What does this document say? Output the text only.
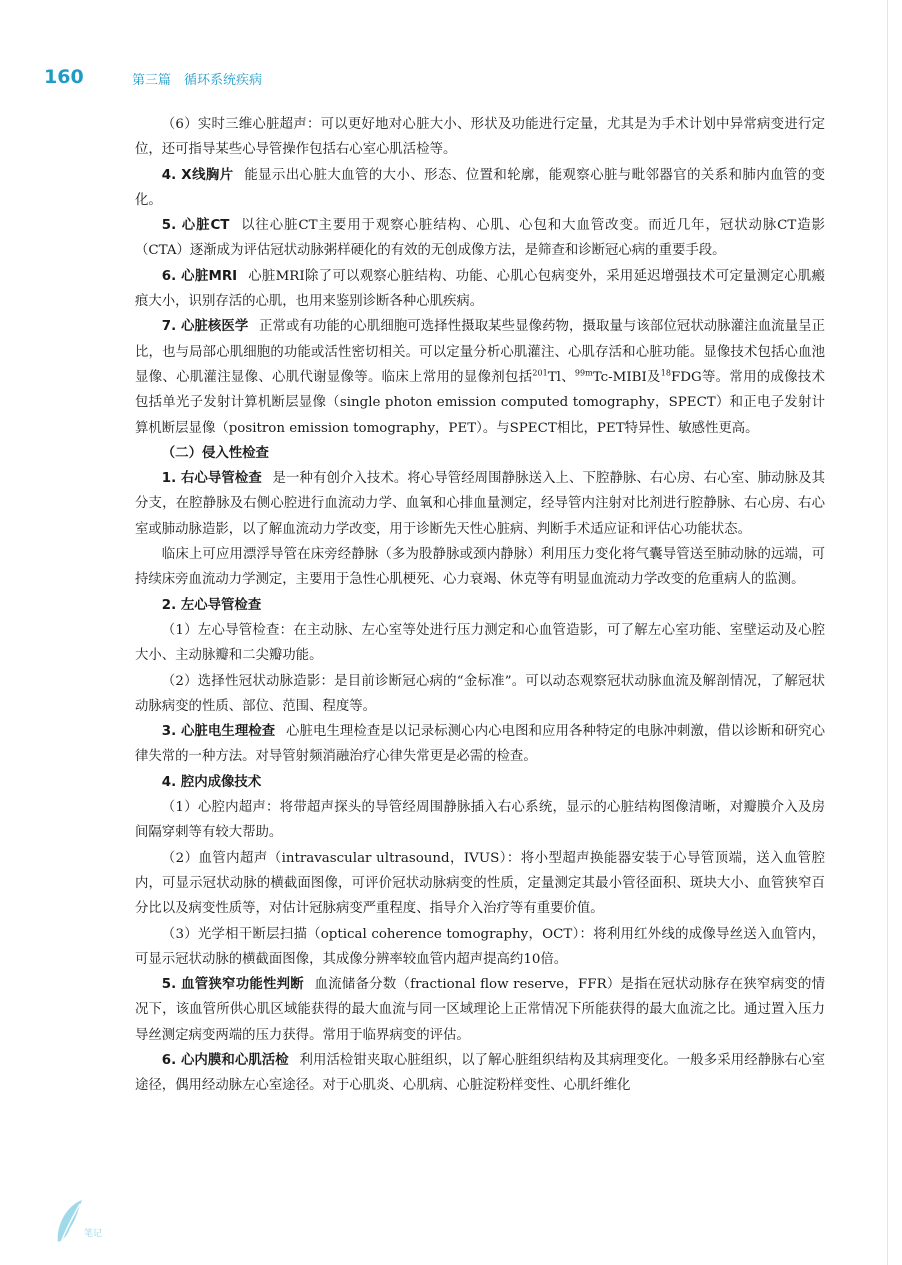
160	第三篇　循环系统疾病

（6）实时三维心脏超声：可以更好地对心脏大小、形状及功能进行定量，尤其是为手术计划中异常病变进行定位，还可指导某些心导管操作包括右心室心肌活检等。

4. X线胸片 能显示出心脏大血管的大小、形态、位置和轮廓，能观察心脏与毗邻器官的关系和肺内血管的变化。

5. 心脏CT 以往心脏CT主要用于观察心脏结构、心肌、心包和大血管改变。而近几年，冠状动脉CT造影（CTA）逐渐成为评估冠状动脉粥样硬化的有效的无创成像方法，是筛查和诊断冠心病的重要手段。

6. 心脏MRI 心脏MRI除了可以观察心脏结构、功能、心肌心包病变外，采用延迟增强技术可定量测定心肌瘢痕大小，识别存活的心肌，也用来鉴别诊断各种心肌疾病。

7. 心脏核医学 正常或有功能的心肌细胞可选择性摄取某些显像药物，摄取量与该部位冠状动脉灌注血流量呈正比，也与局部心肌细胞的功能或活性密切相关。可以定量分析心肌灌注、心肌存活和心脏功能。显像技术包括心血池显像、心肌灌注显像、心肌代谢显像等。临床上常用的显像剂包括$^{201}$Tl、$^{99m}$Tc-MIBI及$^{18}$FDG等。常用的成像技术包括单光子发射计算机断层显像（single photon emission computed tomography，SPECT）和正电子发射计算机断层显像（positron emission tomography，PET）。与SPECT相比，PET特异性、敏感性更高。

（二）侵入性检查

1. 右心导管检查 是一种有创介入技术。将心导管经周围静脉送入上、下腔静脉、右心房、右心室、肺动脉及其分支，在腔静脉及右侧心腔进行血流动力学、血氧和心排血量测定，经导管内注射对比剂进行腔静脉、右心房、右心室或肺动脉造影，以了解血流动力学改变，用于诊断先天性心脏病、判断手术适应证和评估心功能状态。

临床上可应用漂浮导管在床旁经静脉（多为股静脉或颈内静脉）利用压力变化将气囊导管送至肺动脉的远端，可持续床旁血流动力学测定，主要用于急性心肌梗死、心力衰竭、休克等有明显血流动力学改变的危重病人的监测。

2. 左心导管检查

（1）左心导管检查：在主动脉、左心室等处进行压力测定和心血管造影，可了解左心室功能、室壁运动及心腔大小、主动脉瓣和二尖瓣功能。

（2）选择性冠状动脉造影：是目前诊断冠心病的“金标准”。可以动态观察冠状动脉血流及解剖情况，了解冠状动脉病变的性质、部位、范围、程度等。

3. 心脏电生理检查 心脏电生理检查是以记录标测心内心电图和应用各种特定的电脉冲刺激，借以诊断和研究心律失常的一种方法。对导管射频消融治疗心律失常更是必需的检查。

4. 腔内成像技术

（1）心腔内超声：将带超声探头的导管经周围静脉插入右心系统，显示的心脏结构图像清晰，对瓣膜介入及房间隔穿刺等有较大帮助。

（2）血管内超声（intravascular ultrasound，IVUS）：将小型超声换能器安装于心导管顶端，送入血管腔内，可显示冠状动脉的横截面图像，可评价冠状动脉病变的性质，定量测定其最小管径面积、斑块大小、血管狭窄百分比以及病变性质等，对估计冠脉病变严重程度、指导介入治疗等有重要价值。

（3）光学相干断层扫描（optical coherence tomography，OCT）：将利用红外线的成像导丝送入血管内，可显示冠状动脉的横截面图像，其成像分辨率较血管内超声提高约10倍。

5. 血管狭窄功能性判断 血流储备分数（fractional flow reserve，FFR）是指在冠状动脉存在狭窄病变的情况下，该血管所供心肌区域能获得的最大血流与同一区域理论上正常情况下所能获得的最大血流之比。通过置入压力导丝测定病变两端的压力获得。常用于临界病变的评估。

6. 心内膜和心肌活检 利用活检钳夹取心脏组织，以了解心脏组织结构及其病理变化。一般多采用经静脉右心室途径，偶用经动脉左心室途径。对于心肌炎、心肌病、心脏淀粉样变性、心肌纤维化

笔记
